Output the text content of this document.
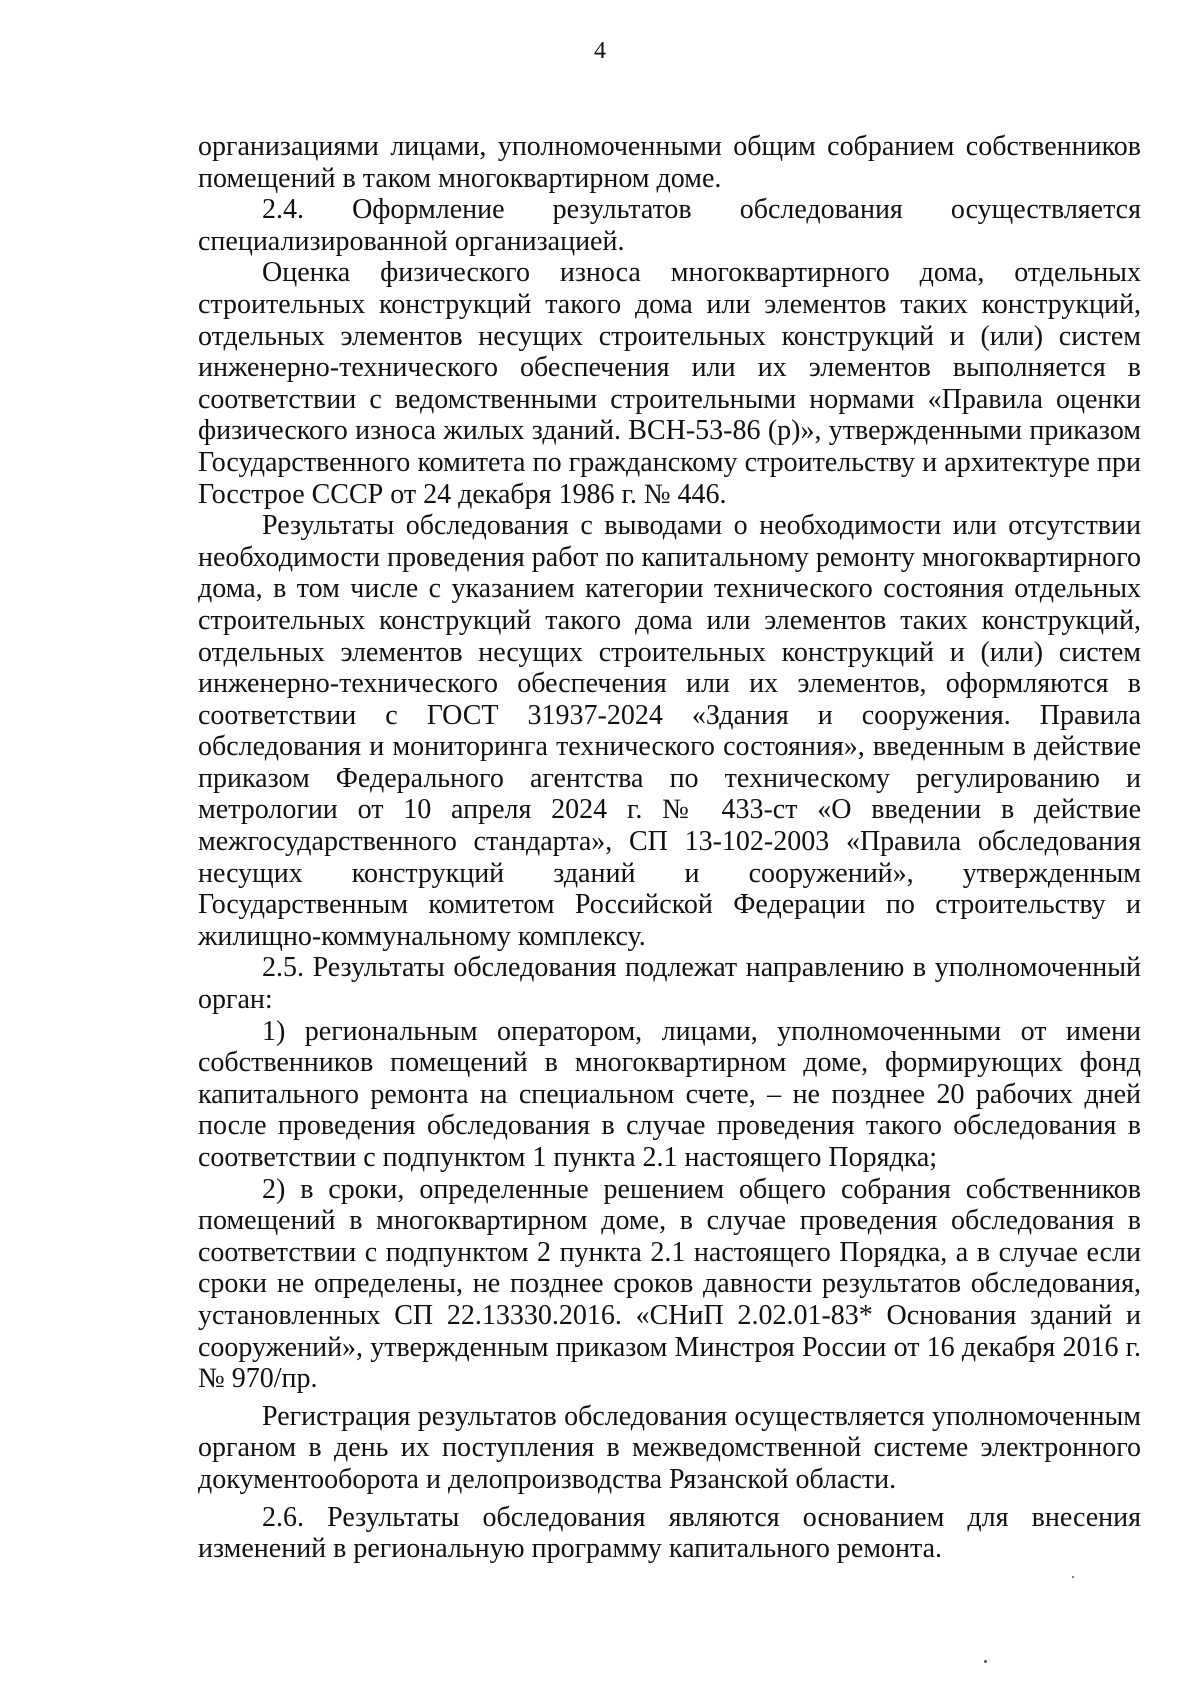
4

организациями лицами, уполномоченными общим собранием собственников помещений в таком многоквартирном доме.

2.4. Оформление результатов обследования осуществляется специализированной организацией.

Оценка физического износа многоквартирного дома, отдельных строительных конструкций такого дома или элементов таких конструкций, отдельных элементов несущих строительных конструкций и (или) систем инженерно-технического обеспечения или их элементов выполняется в соответствии с ведомственными строительными нормами «Правила оценки физического износа жилых зданий. ВСН-53-86 (р)», утвержденными приказом Государственного комитета по гражданскому строительству и архитектуре при Госстрое СССР от 24 декабря 1986 г. № 446.

Результаты обследования с выводами о необходимости или отсутствии необходимости проведения работ по капитальному ремонту многоквартирного дома, в том числе с указанием категории технического состояния отдельных строительных конструкций такого дома или элементов таких конструкций, отдельных элементов несущих строительных конструкций и (или) систем инженерно-технического обеспечения или их элементов, оформляются в соответствии с ГОСТ 31937-2024 «Здания и сооружения. Правила обследования и мониторинга технического состояния», введенным в действие приказом Федерального агентства по техническому регулированию и метрологии от 10 апреля 2024 г. № 433-ст «О введении в действие межгосударственного стандарта», СП 13-102-2003 «Правила обследования несущих конструкций зданий и сооружений», утвержденным Государственным комитетом Российской Федерации по строительству и жилищно-коммунальному комплексу.

2.5. Результаты обследования подлежат направлению в уполномоченный орган:

1) региональным оператором, лицами, уполномоченными от имени собственников помещений в многоквартирном доме, формирующих фонд капитального ремонта на специальном счете, – не позднее 20 рабочих дней после проведения обследования в случае проведения такого обследования в соответствии с подпунктом 1 пункта 2.1 настоящего Порядка;

2) в сроки, определенные решением общего собрания собственников помещений в многоквартирном доме, в случае проведения обследования в соответствии с подпунктом 2 пункта 2.1 настоящего Порядка, а в случае если сроки не определены, не позднее сроков давности результатов обследования, установленных СП 22.13330.2016. «СНиП 2.02.01-83* Основания зданий и сооружений», утвержденным приказом Минстроя России от 16 декабря 2016 г. № 970/пр.

Регистрация результатов обследования осуществляется уполномоченным органом в день их поступления в межведомственной системе электронного документооборота и делопроизводства Рязанской области.

2.6. Результаты обследования являются основанием для внесения изменений в региональную программу капитального ремонта.
